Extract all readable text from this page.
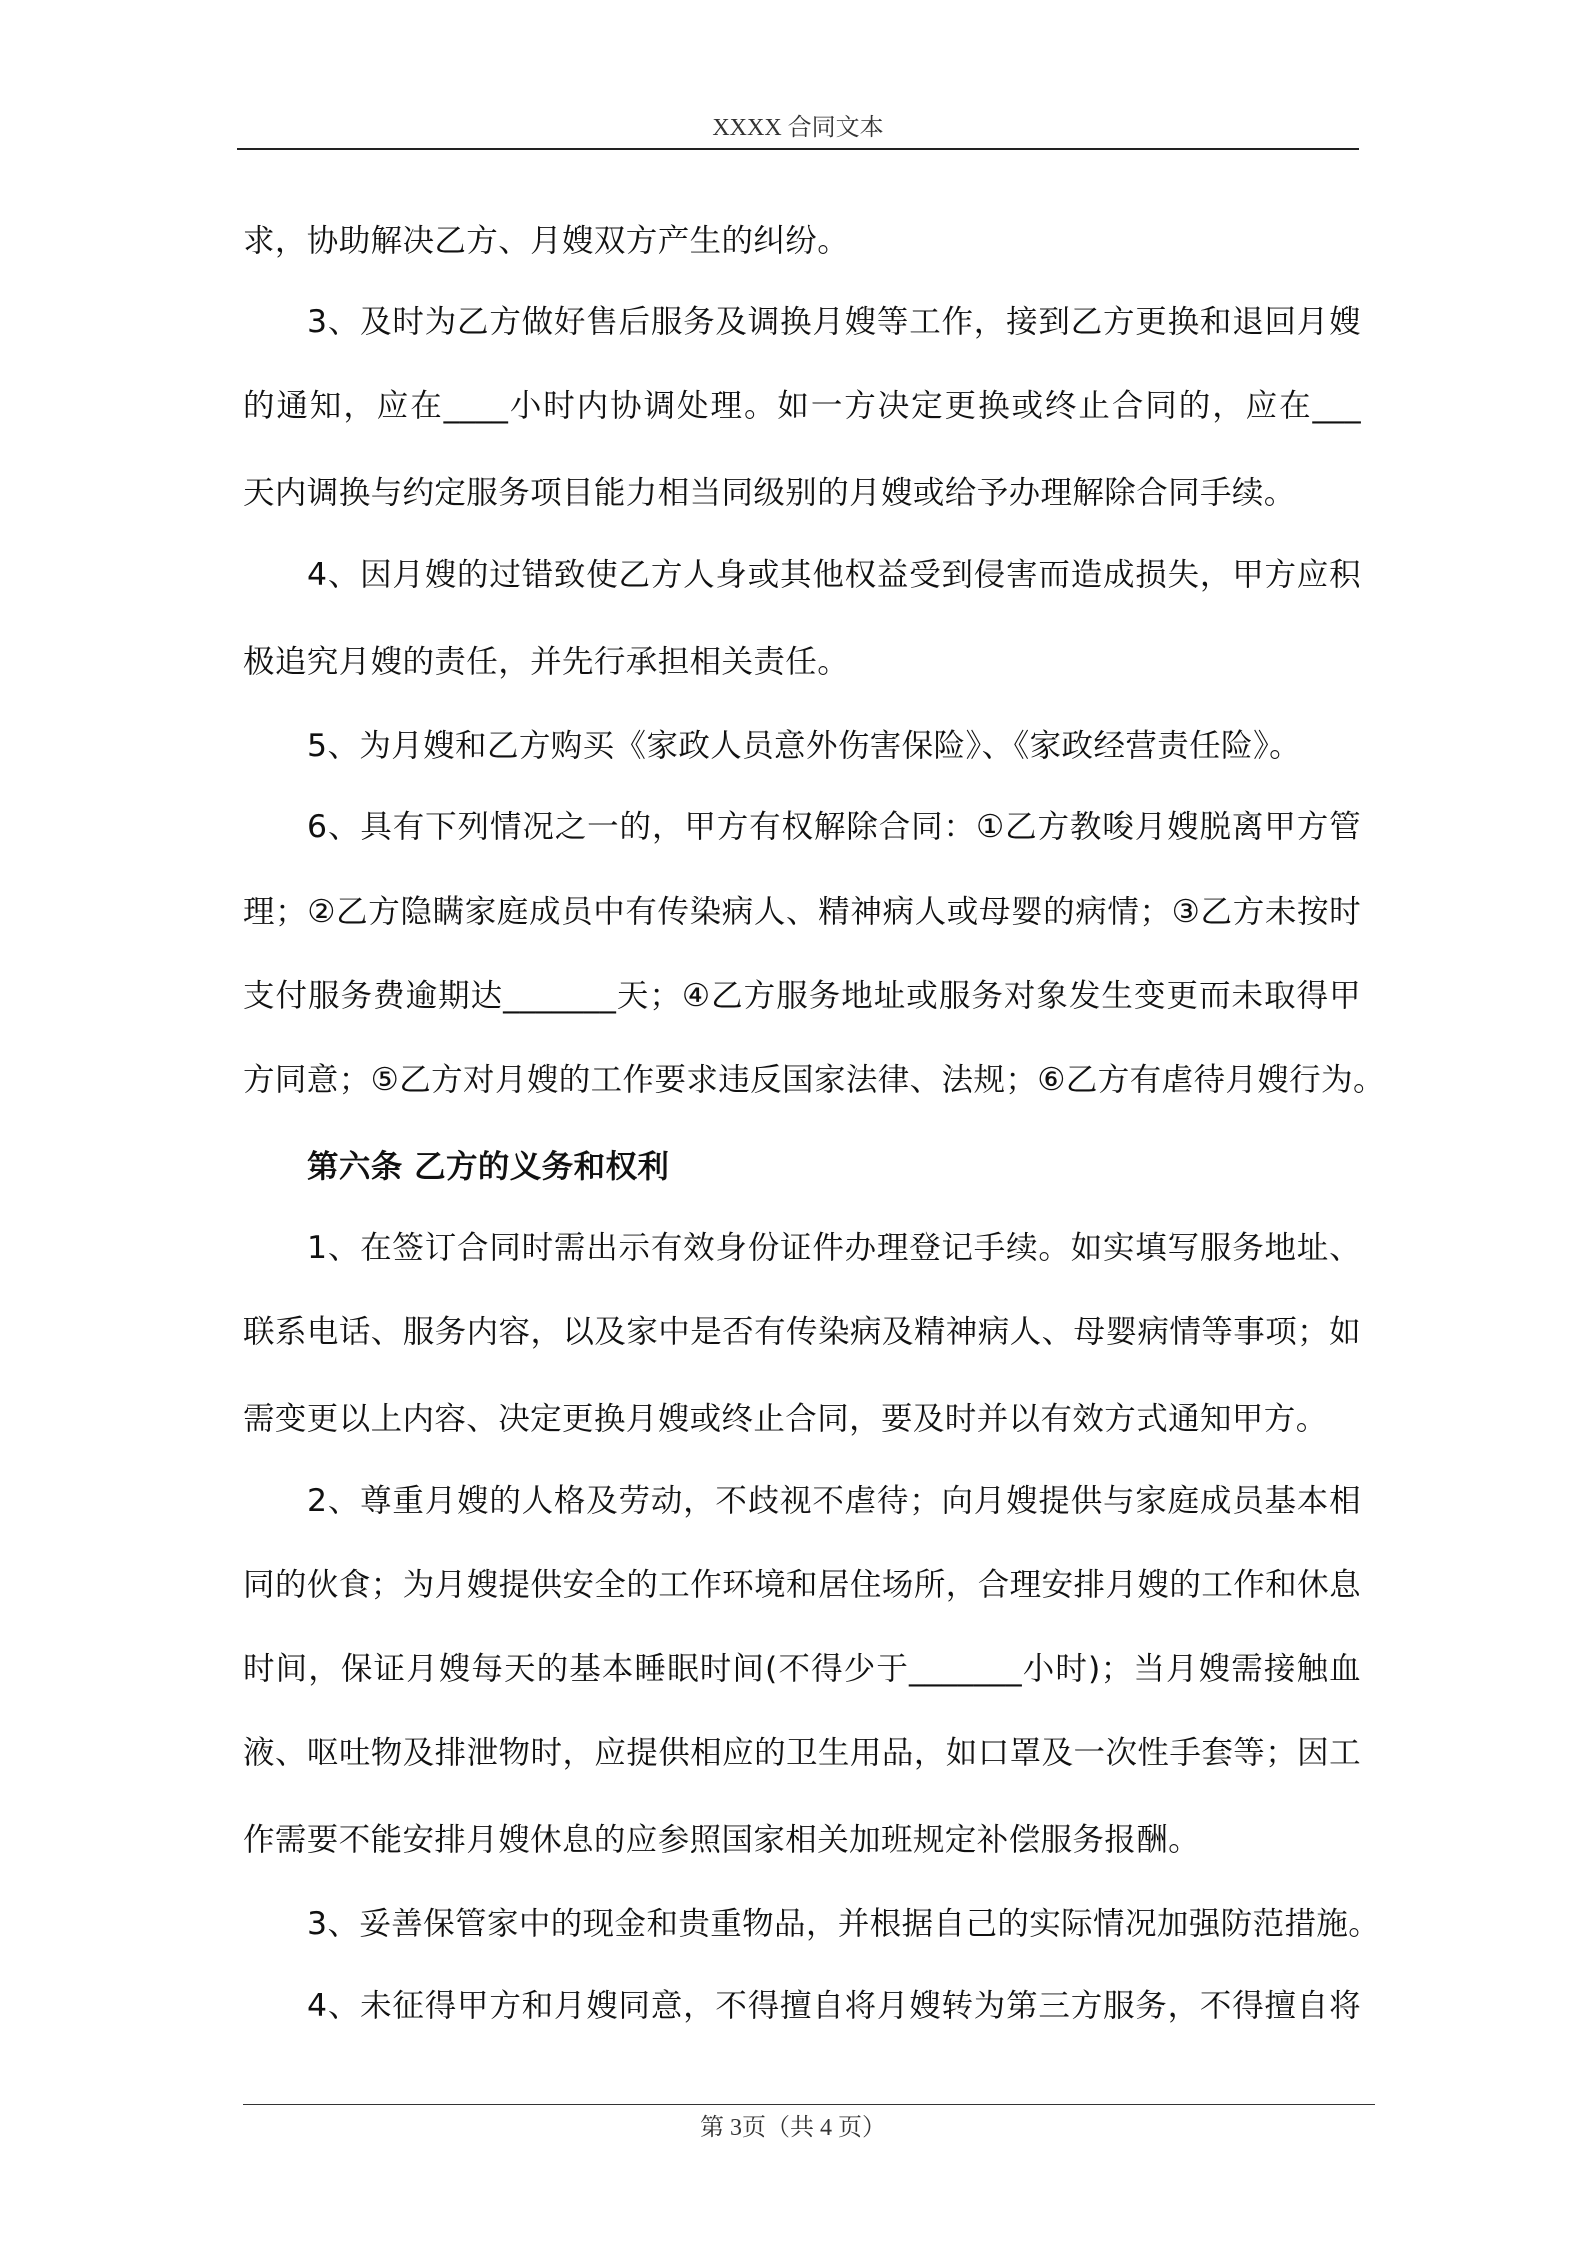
XXXX 合同文本
求，协助解决乙方、月嫂双方产生的纠纷。
3、及时为乙方做好售后服务及调换月嫂等工作，接到乙方更换和退回月嫂
的通知，应在____小时内协调处理。如一方决定更换或终止合同的，应在___
天内调换与约定服务项目能力相当同级别的月嫂或给予办理解除合同手续。
4、因月嫂的过错致使乙方人身或其他权益受到侵害而造成损失，甲方应积
极追究月嫂的责任，并先行承担相关责任。
5、为月嫂和乙方购买《家政人员意外伤害保险》、《家政经营责任险》。
6、具有下列情况之一的，甲方有权解除合同：①乙方教唆月嫂脱离甲方管
理；②乙方隐瞒家庭成员中有传染病人、精神病人或母婴的病情；③乙方未按时
支付服务费逾期达_______天；④乙方服务地址或服务对象发生变更而未取得甲
方同意；⑤乙方对月嫂的工作要求违反国家法律、法规；⑥乙方有虐待月嫂行为。
第六条 乙方的义务和权利
1、在签订合同时需出示有效身份证件办理登记手续。如实填写服务地址、
联系电话、服务内容，以及家中是否有传染病及精神病人、母婴病情等事项；如
需变更以上内容、决定更换月嫂或终止合同，要及时并以有效方式通知甲方。
2、尊重月嫂的人格及劳动，不歧视不虐待；向月嫂提供与家庭成员基本相
同的伙食；为月嫂提供安全的工作环境和居住场所，合理安排月嫂的工作和休息
时间，保证月嫂每天的基本睡眠时间(不得少于_______小时)；当月嫂需接触血
液、呕吐物及排泄物时，应提供相应的卫生用品，如口罩及一次性手套等；因工
作需要不能安排月嫂休息的应参照国家相关加班规定补偿服务报酬。
3、妥善保管家中的现金和贵重物品，并根据自己的实际情况加强防范措施。
4、未征得甲方和月嫂同意，不得擅自将月嫂转为第三方服务，不得擅自将
第 3页（共 4 页）
